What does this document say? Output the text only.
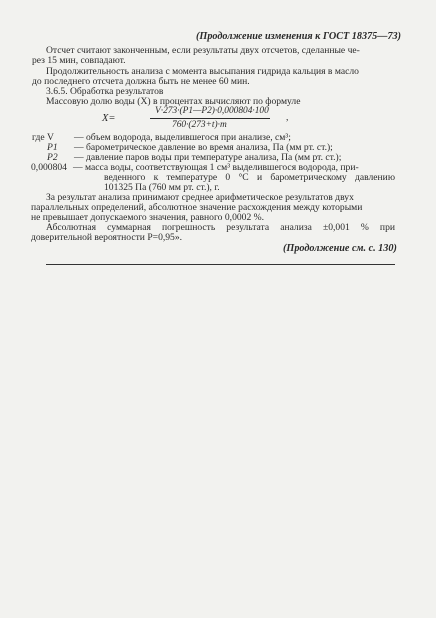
(Продолжение изменения к ГОСТ 18375—73)
Отсчет считают законченным, если результаты двух отсчетов, сделанные че-
рез 15 мин, совпадают.
Продолжительность анализа с момента высыпания гидрида кальция в масло
до последнего отсчета должна быть не менее 60 мин.
3.6.5. Обработка результатов
Массовую долю воды (X) в процентах вычисляют по формуле
X=
V·273·(P1—P2)·0,000804·100
760·(273+t)·m
,
где V — объем водорода, выделившегося при анализе, см³;
P1 — барометрическое давление во время анализа, Па (мм рт. ст.);
P2 — давление паров воды при температуре анализа, Па (мм рт. ст.);
0,000804 — масса воды, соответствующая 1 см³ выделившегося водорода, при-
веденного к температуре 0 °С и барометрическому давлению
101325 Па (760 мм рт. ст.), г.
За результат анализа принимают среднее арифметическое результатов двух
параллельных определений, абсолютное значение расхождения между которыми
не превышает допускаемого значения, равного 0,0002 %.
Абсолютная суммарная погрешность результата анализа ±0,001 % при
доверительной вероятности P=0,95».
(Продолжение см. с. 130)
